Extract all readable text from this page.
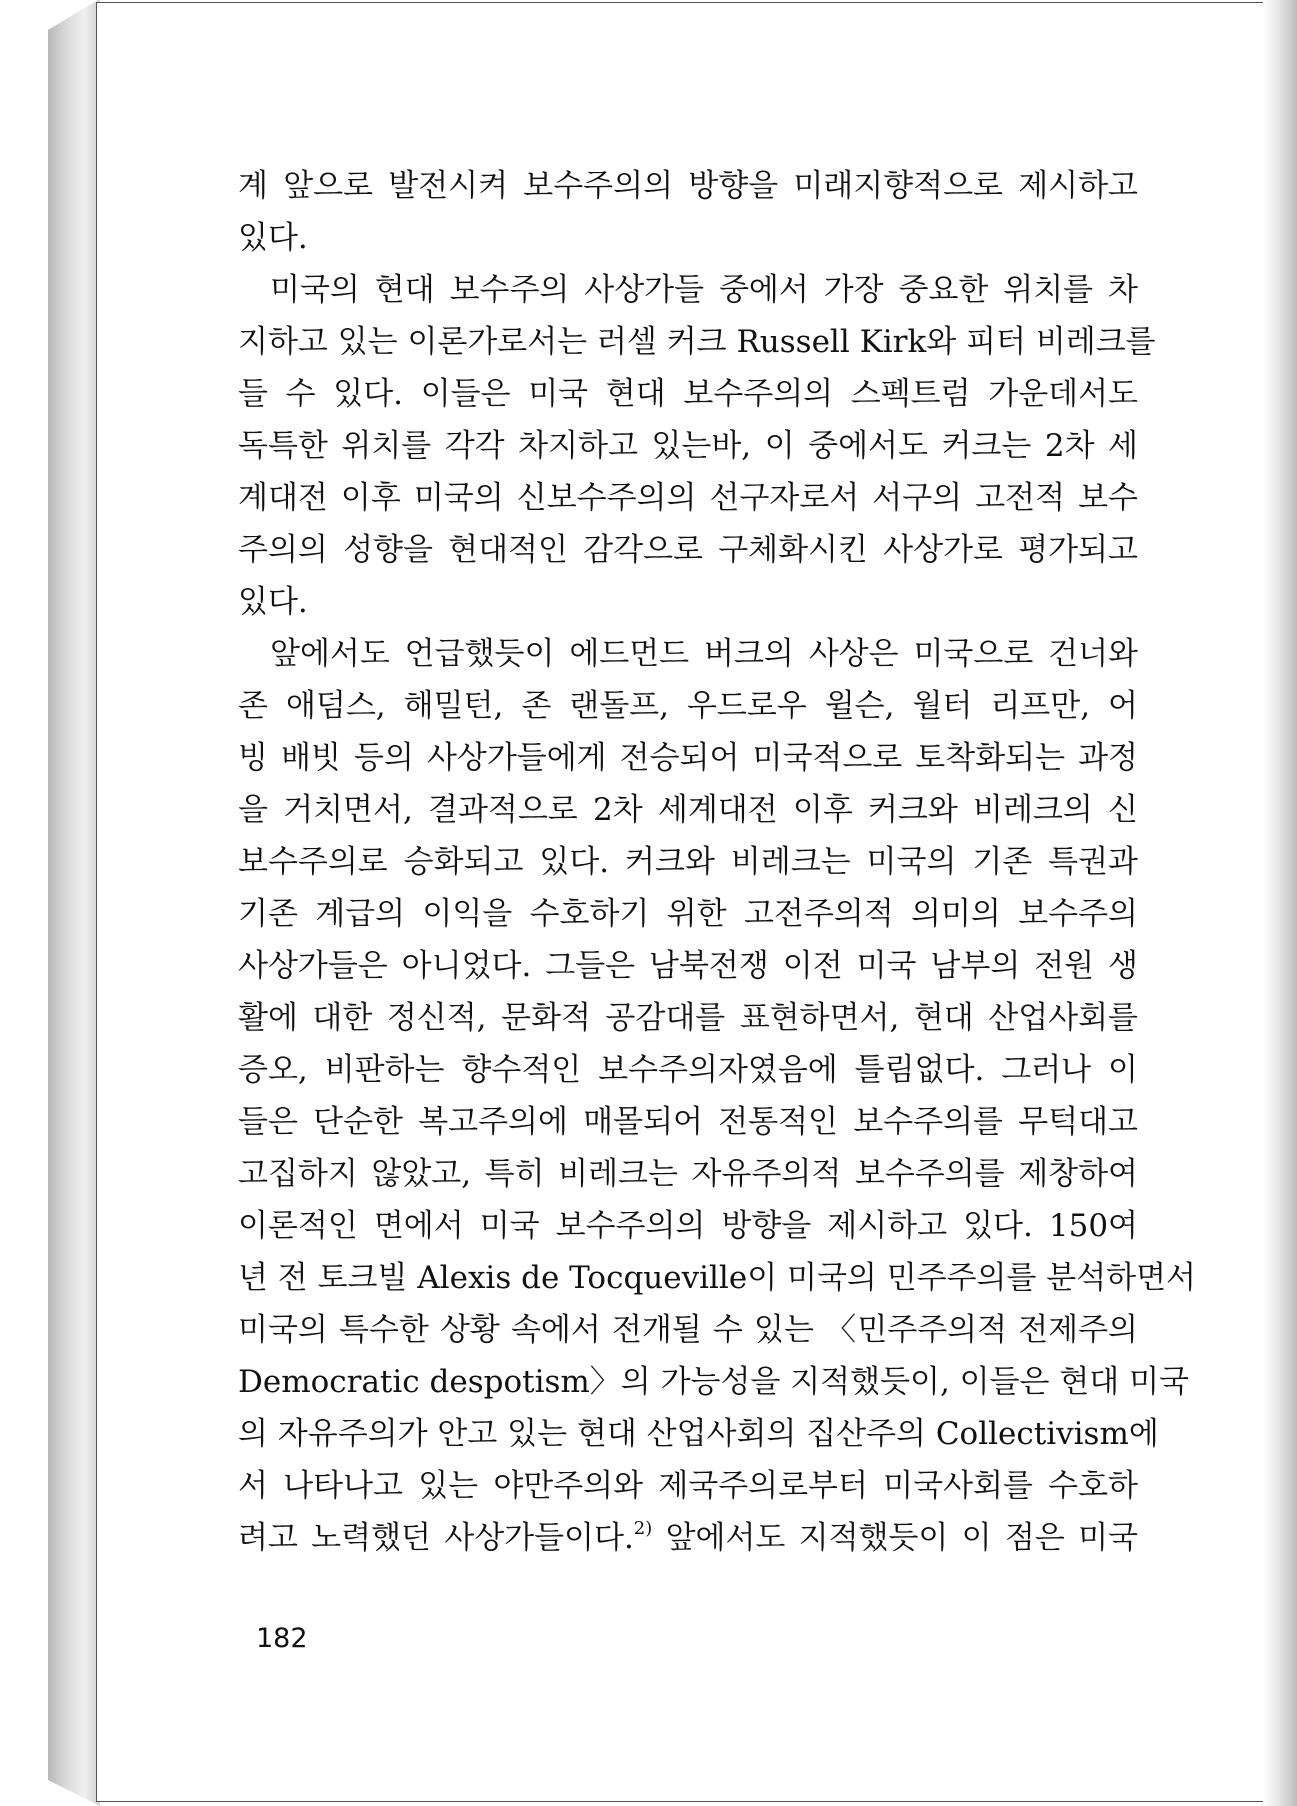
계 앞으로 발전시켜 보수주의의 방향을 미래지향적으로 제시하고
있다.
미국의 현대 보수주의 사상가들 중에서 가장 중요한 위치를 차
지하고 있는 이론가로서는 러셀 커크 Russell Kirk와 피터 비레크를
들 수 있다. 이들은 미국 현대 보수주의의 스펙트럼 가운데서도
독특한 위치를 각각 차지하고 있는바, 이 중에서도 커크는 2차 세
계대전 이후 미국의 신보수주의의 선구자로서 서구의 고전적 보수
주의의 성향을 현대적인 감각으로 구체화시킨 사상가로 평가되고
있다.
앞에서도 언급했듯이 에드먼드 버크의 사상은 미국으로 건너와
존 애덤스, 해밀턴, 존 랜돌프, 우드로우 윌슨, 월터 리프만, 어
빙 배빗 등의 사상가들에게 전승되어 미국적으로 토착화되는 과정
을 거치면서, 결과적으로 2차 세계대전 이후 커크와 비레크의 신
보수주의로 승화되고 있다. 커크와 비레크는 미국의 기존 특권과
기존 계급의 이익을 수호하기 위한 고전주의적 의미의 보수주의
사상가들은 아니었다. 그들은 남북전쟁 이전 미국 남부의 전원 생
활에 대한 정신적, 문화적 공감대를 표현하면서, 현대 산업사회를
증오, 비판하는 향수적인 보수주의자였음에 틀림없다. 그러나 이
들은 단순한 복고주의에 매몰되어 전통적인 보수주의를 무턱대고
고집하지 않았고, 특히 비레크는 자유주의적 보수주의를 제창하여
이론적인 면에서 미국 보수주의의 방향을 제시하고 있다. 150여
년 전 토크빌 Alexis de Tocqueville이 미국의 민주주의를 분석하면서
미국의 특수한 상황 속에서 전개될 수 있는 〈민주주의적 전제주의
Democratic despotism〉의 가능성을 지적했듯이, 이들은 현대 미국
의 자유주의가 안고 있는 현대 산업사회의 집산주의 Collectivism에
서 나타나고 있는 야만주의와 제국주의로부터 미국사회를 수호하
려고 노력했던 사상가들이다.$^{2)}$ 앞에서도 지적했듯이 이 점은 미국
182
